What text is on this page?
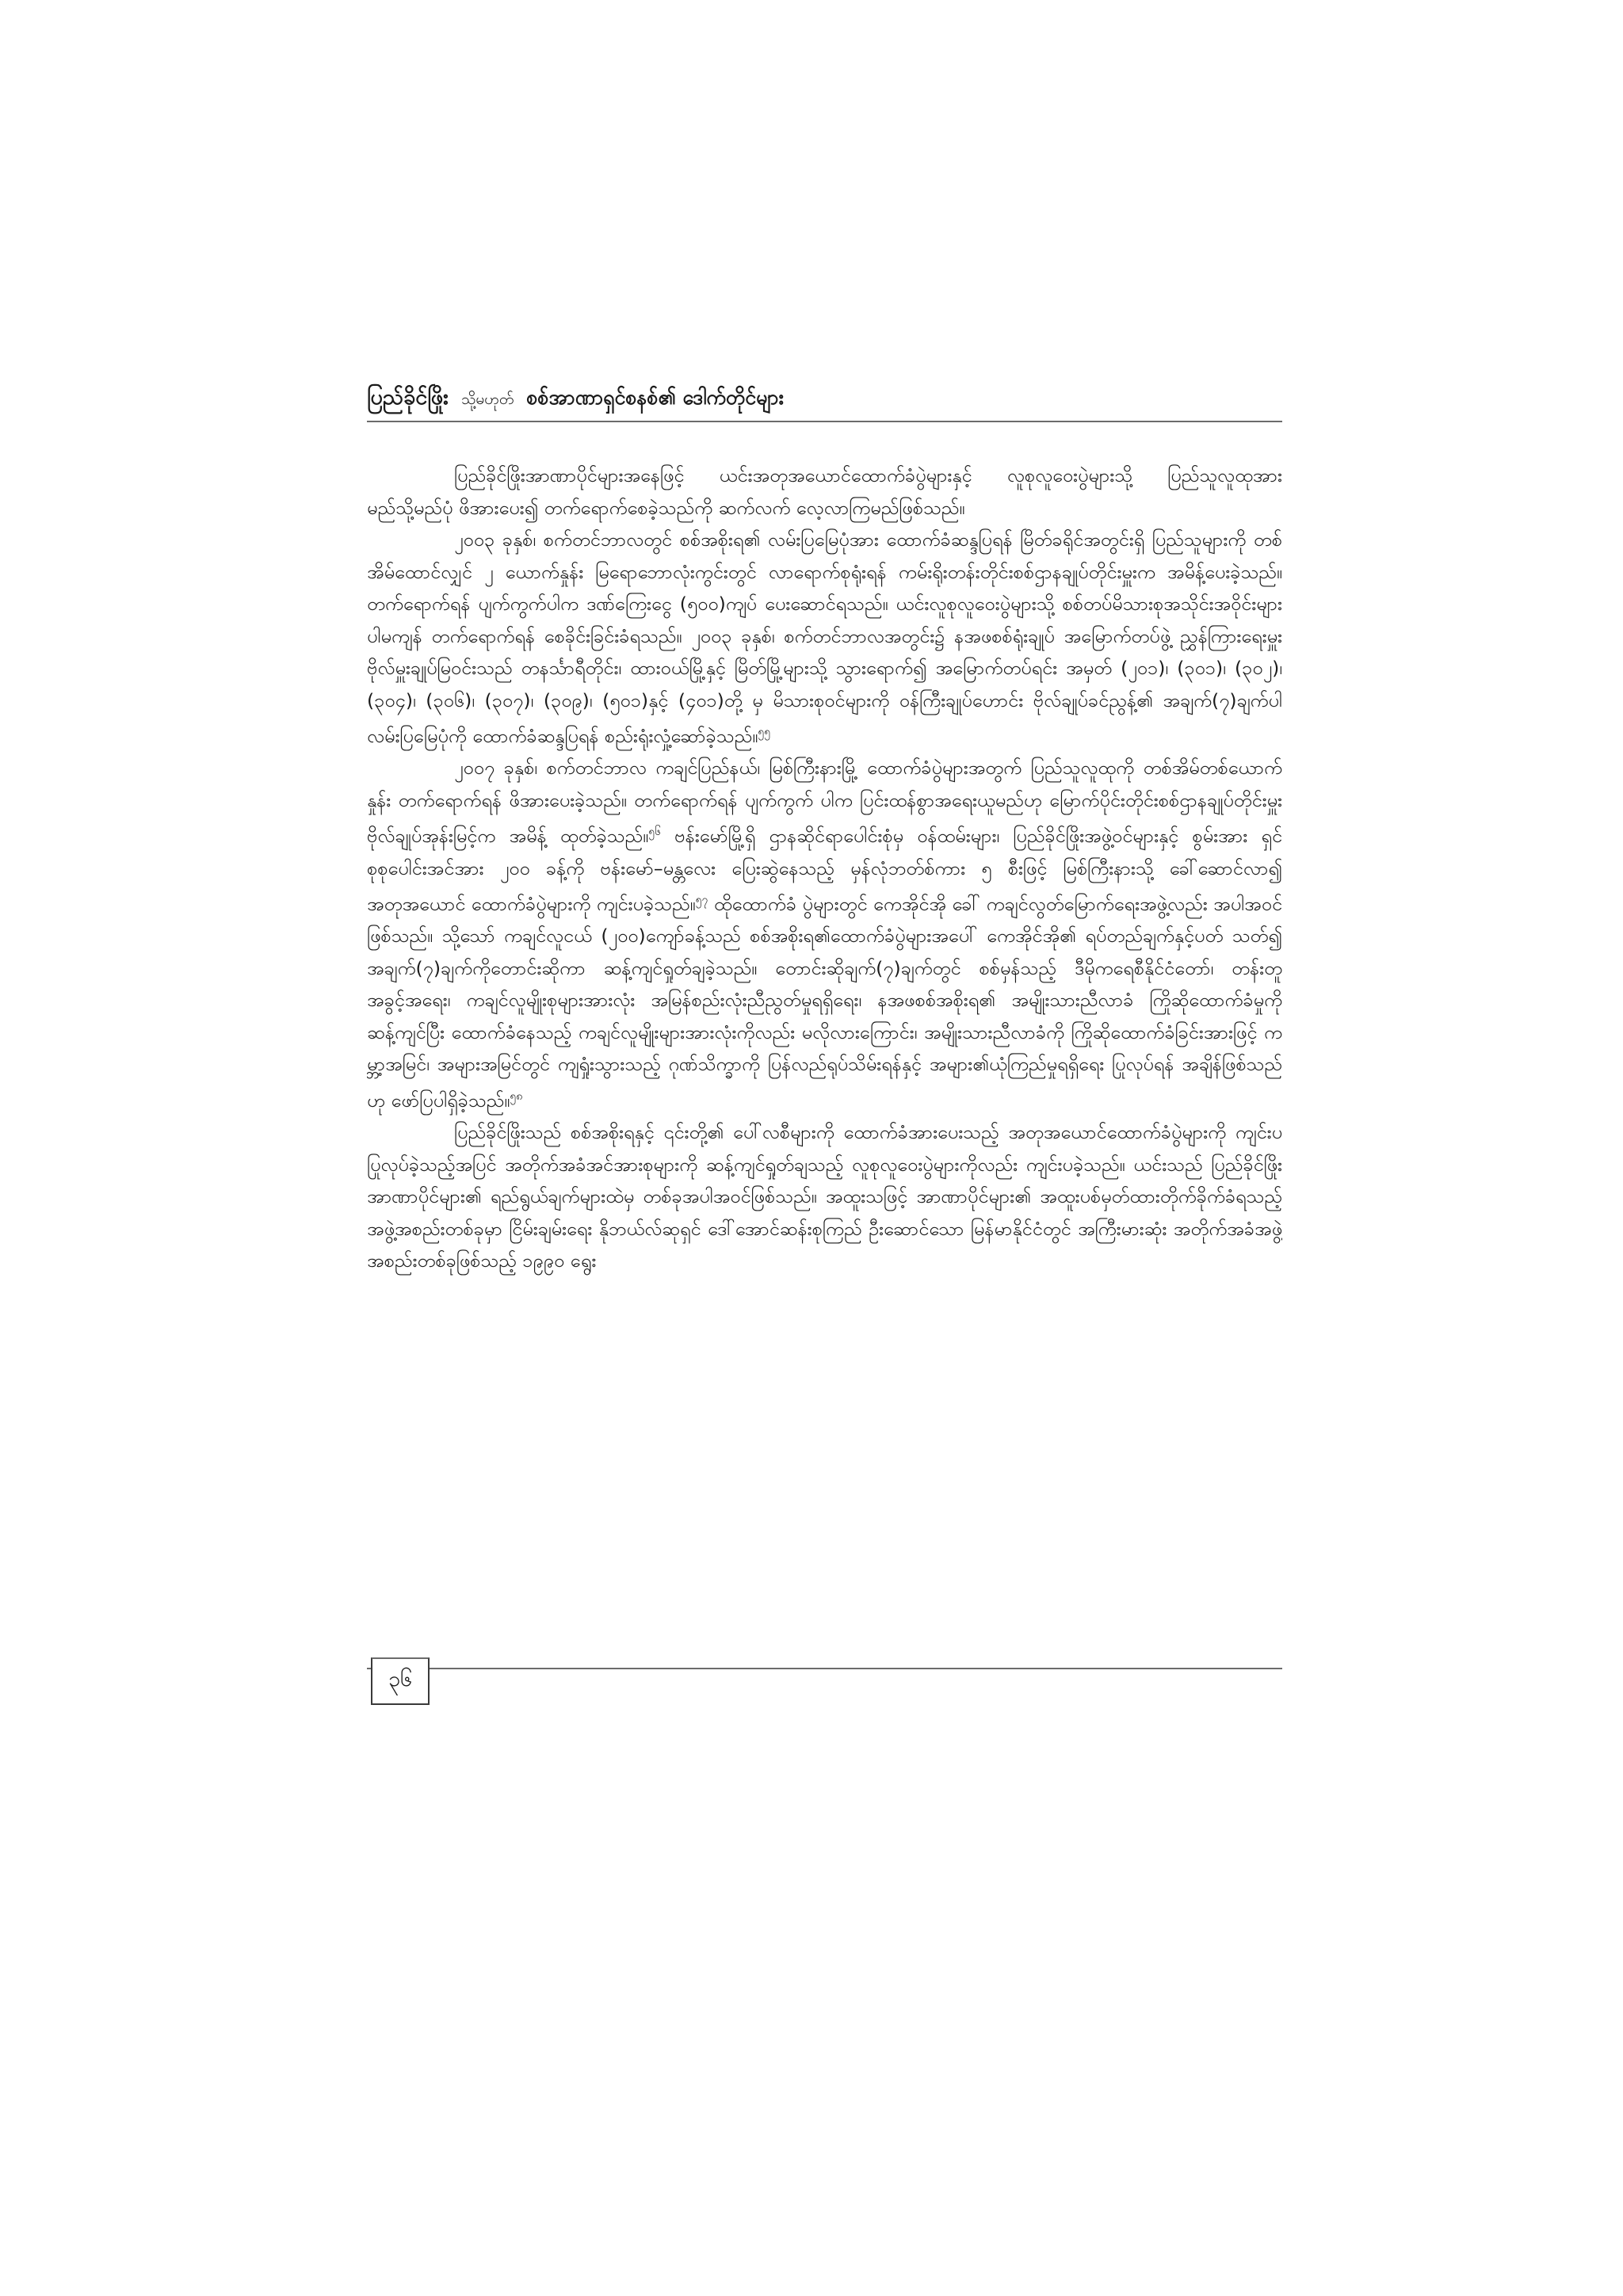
ပြည်ခိုင်ဖြိုး သို့မဟုတ် စစ်အာဏာရှင်စနစ်၏ ဒေါက်တိုင်များ

ပြည်ခိုင်ဖြိုးအာဏာပိုင်များအနေဖြင့် ယင်းအတုအယောင်ထောက်ခံပွဲများနှင့် လူစုလူဝေးပွဲများသို့ ပြည်သူလူထုအား မည်သို့မည်ပုံ ဖိအားပေး၍ တက်ရောက်စေခဲ့သည်ကို ဆက်လက် လေ့လာကြမည်ဖြစ်သည်။

၂၀၀၃ ခုနှစ်၊ စက်တင်ဘာလတွင် စစ်အစိုးရ၏ လမ်းပြမြေပုံအား ထောက်ခံဆန္ဒပြရန် မြိတ်ခရိုင်အတွင်းရှိ ပြည်သူများကို တစ်အိမ်ထောင်လျှင် ၂ ယောက်နှုန်း မြရောဘောလုံးကွင်းတွင် လာရောက်စုရုံးရန် ကမ်းရိုးတန်းတိုင်းစစ်ဌာနချုပ်တိုင်းမှူးက အမိန့်ပေးခဲ့သည်။ တက်ရောက်ရန် ပျက်ကွက်ပါက ဒဏ်ကြေးငွေ (၅၀၀)ကျပ် ပေးဆောင်ရသည်။ ယင်းလူစုလူဝေးပွဲများသို့ စစ်တပ်မိသားစုအသိုင်းအဝိုင်းများပါမကျန် တက်ရောက်ရန် စေခိုင်းခြင်းခံရသည်။ ၂၀၀၃ ခုနှစ်၊ စက်တင်ဘာလအတွင်း၌ နအဖစစ်ရုံးချုပ် အမြောက်တပ်ဖွဲ့ ညွှန်ကြားရေးမှူး ဗိုလ်မှူးချုပ်မြဝင်းသည် တနင်္သာရီတိုင်း၊ ထားဝယ်မြို့နှင့် မြိတ်မြို့များသို့ သွားရောက်၍ အမြောက်တပ်ရင်း အမှတ် (၂၀၁)၊ (၃၀၁)၊ (၃၀၂)၊ (၃၀၄)၊ (၃၀၆)၊ (၃၀၇)၊ (၃၀၉)၊ (၅၀၁)နှင့် (၄၀၁)တို့ မှ မိသားစုဝင်များကို ဝန်ကြီးချုပ်ဟောင်း ဗိုလ်ချုပ်ခင်ညွန့်၏ အချက်(၇)ချက်ပါ လမ်းပြမြေပုံကို ထောက်ခံဆန္ဒပြရန် စည်းရုံးလှုံ့ဆော်ခဲ့သည်။$^{၅၅}$

၂၀၀၇ ခုနှစ်၊ စက်တင်ဘာလ ကချင်ပြည်နယ်၊ မြစ်ကြီးနားမြို့ ထောက်ခံပွဲများအတွက် ပြည်သူလူထုကို တစ်အိမ်တစ်ယောက်နှုန်း တက်ရောက်ရန် ဖိအားပေးခဲ့သည်။ တက်ရောက်ရန် ပျက်ကွက် ပါက ပြင်းထန်စွာအရေးယူမည်ဟု မြောက်ပိုင်းတိုင်းစစ်ဌာနချုပ်တိုင်းမှူး ဗိုလ်ချုပ်အုန်းမြင့်က အမိန့် ထုတ်ခဲ့သည်။$^{၅၆}$ ဗန်းမော်မြို့ရှိ ဌာနဆိုင်ရာပေါင်းစုံမှ ဝန်ထမ်းများ၊ ပြည်ခိုင်ဖြိုးအဖွဲ့ဝင်များနှင့် စွမ်းအား ရှင် စုစုပေါင်းအင်အား ၂၀၀ ခန့်ကို ဗန်းမော်–မန္တလေး ပြေးဆွဲနေသည့် မှန်လုံဘတ်စ်ကား ၅ စီးဖြင့် မြစ်ကြီးနားသို့ ခေါ်ဆောင်လာ၍ အတုအယောင် ထောက်ခံပွဲများကို ကျင်းပခဲ့သည်။$^{၅၇}$ ထိုထောက်ခံ ပွဲများတွင် ကေအိုင်အို ခေါ် ကချင်လွတ်မြောက်ရေးအဖွဲ့လည်း အပါအဝင်ဖြစ်သည်။ သို့သော် ကချင်လူငယ် (၂၀၀)ကျော်ခန့်သည် စစ်အစိုးရ၏ထောက်ခံပွဲများအပေါ် ကေအိုင်အို၏ ရပ်တည်ချက်နှင့်ပတ် သတ်၍ အချက်(၇)ချက်ကိုတောင်းဆိုကာ ဆန့်ကျင်ရှုတ်ချခဲ့သည်။ တောင်းဆိုချက်(၇)ချက်တွင် စစ်မှန်သည့် ဒီမိုကရေစီနိုင်ငံတော်၊ တန်းတူအခွင့်အရေး၊ ကချင်လူမျိုးစုများအားလုံး အမြန်စည်းလုံးညီညွတ်မှုရရှိရေး၊ နအဖစစ်အစိုးရ၏ အမျိုးသားညီလာခံ ကြိုဆိုထောက်ခံမှုကို ဆန့်ကျင်ပြီး ထောက်ခံနေသည့် ကချင်လူမျိုးများအားလုံးကိုလည်း မလိုလားကြောင်း၊ အမျိုးသားညီလာခံကို ကြိုဆိုထောက်ခံခြင်းအားဖြင့် ကမ္ဘာ့အမြင်၊ အများအမြင်တွင် ကျရှုံးသွားသည့် ဂုဏ်သိက္ခာကို ပြန်လည်ရုပ်သိမ်းရန်နှင့် အများ၏ယုံကြည်မှုရရှိရေး ပြုလုပ်ရန် အချိန်ဖြစ်သည်ဟု ဖော်ပြပါရှိခဲ့သည်။$^{၅၈}$

ပြည်ခိုင်ဖြိုးသည် စစ်အစိုးရနှင့် ၎င်းတို့၏ ပေါ်လစီများကို ထောက်ခံအားပေးသည့် အတုအယောင်ထောက်ခံပွဲများကို ကျင်းပပြုလုပ်ခဲ့သည့်အပြင် အတိုက်အခံအင်အားစုများကို ဆန့်ကျင်ရှုတ်ချသည့် လူစုလူဝေးပွဲများကိုလည်း ကျင်းပခဲ့သည်။ ယင်းသည် ပြည်ခိုင်ဖြိုးအာဏာပိုင်များ၏ ရည်ရွယ်ချက်များထဲမှ တစ်ခုအပါအဝင်ဖြစ်သည်။ အထူးသဖြင့် အာဏာပိုင်များ၏ အထူးပစ်မှတ်ထားတိုက်ခိုက်ခံရသည့် အဖွဲ့အစည်းတစ်ခုမှာ ငြိမ်းချမ်းရေး နိုဘယ်လ်ဆုရှင် ဒေါ်အောင်ဆန်းစုကြည် ဦးဆောင်သော မြန်မာနိုင်ငံတွင် အကြီးမားဆုံး အတိုက်အခံအဖွဲ့အစည်းတစ်ခုဖြစ်သည့် ၁၉၉၀ ရွေး

၃၆
